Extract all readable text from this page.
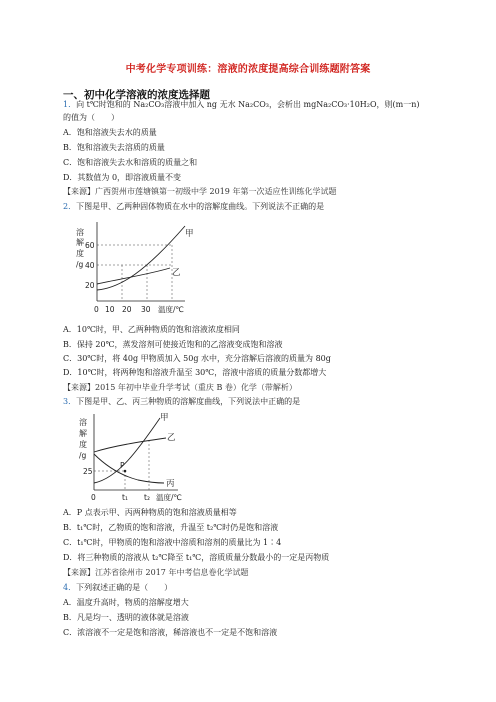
中考化学专项训练：溶液的浓度提高综合训练题附答案
一、初中化学溶液的浓度选择题
1．向 t℃时饱和的 Na₂CO₃溶液中加入 ng 无水 Na₂CO₃，会析出 mgNa₂CO₃·10H₂O，则(m一n)
的值为（　　）
A．饱和溶液失去水的质量
B．饱和溶液失去溶质的质量
C．饱和溶液失去水和溶质的质量之和
D．其数值为 0，即溶液质量不变
【来源】广西贺州市莲塘镇第一初级中学 2019 年第一次适应性训练化学试题
2．下图是甲、乙两种固体物质在水中的溶解度曲线。下列说法不正确的是
溶
解
度
/g
60
40
20
甲
乙
0 10 20 30 温度/℃
A．10℃时，甲、乙两种物质的饱和溶液浓度相同
B．保持 20℃，蒸发溶剂可使接近饱和的乙溶液变成饱和溶液
C．30℃时，将 40g 甲物质加入 50g 水中，充分溶解后溶液的质量为 80g
D．10℃时，将两种饱和溶液升温至 30℃，溶液中溶质的质量分数都增大
【来源】2015 年初中毕业升学考试（重庆 B 卷）化学（带解析）
3．下图是甲、乙、丙三种物质的溶解度曲线，下列说法中正确的是
溶
解
度
/g
25
P
甲
乙
丙
0	t₁ t₂ 温度/℃
A．P 点表示甲、丙两种物质的饱和溶液质量相等
B．t₁℃时，乙物质的饱和溶液，升温至 t₂℃时仍是饱和溶液
C．t₁℃时，甲物质的饱和溶液中溶质和溶剂的质量比为 1∶4
D．将三种物质的溶液从 t₂℃降至 t₁℃，溶质质量分数最小的一定是丙物质
【来源】江苏省徐州市 2017 年中考信息卷化学试题
4．下列叙述正确的是（　　）
A．温度升高时，物质的溶解度增大
B．凡是均一、透明的液体就是溶液
C．浓溶液不一定是饱和溶液，稀溶液也不一定是不饱和溶液
